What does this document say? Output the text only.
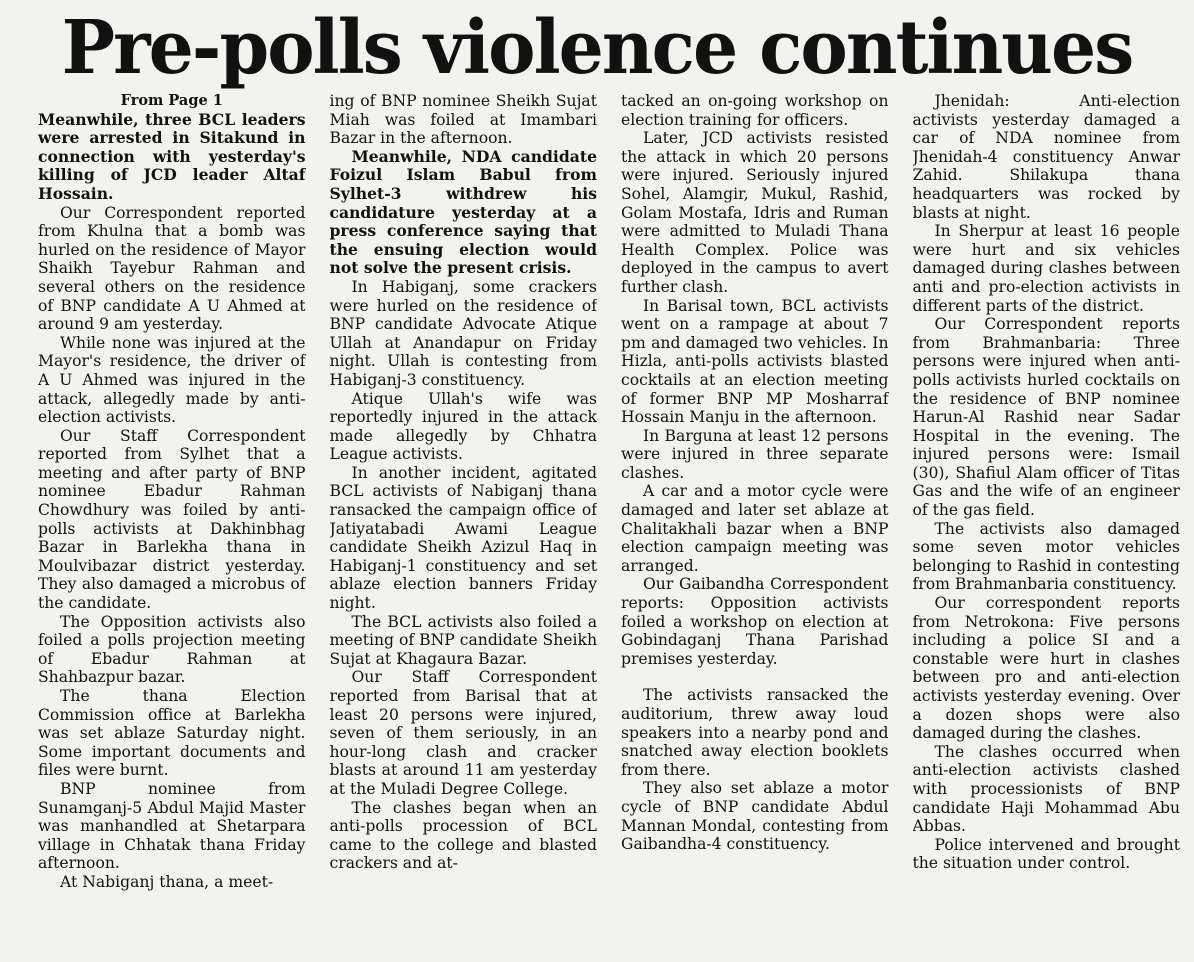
Pre-polls violence continues

From Page 1

Meanwhile, three BCL leaders were arrested in Sitakund in connection with yesterday's killing of JCD leader Altaf Hossain.

Our Correspondent reported from Khulna that a bomb was hurled on the residence of Mayor Shaikh Tayebur Rahman and several others on the residence of BNP candidate A U Ahmed at around 9 am yesterday.

While none was injured at the Mayor's residence, the driver of A U Ahmed was injured in the attack, allegedly made by anti-election activists.

Our Staff Correspondent reported from Sylhet that a meeting and after party of BNP nominee Ebadur Rahman Chowdhury was foiled by anti-polls activists at Dakhinbhag Bazar in Barlekha thana in Moulvibazar district yesterday. They also damaged a microbus of the candidate.

The Opposition activists also foiled a polls projection meeting of Ebadur Rahman at Shahbazpur bazar.

The thana Election Commission office at Barlekha was set ablaze Saturday night. Some important documents and files were burnt.

BNP nominee from Sunamganj-5 Abdul Majid Master was manhandled at Shetarpara village in Chhatak thana Friday afternoon.

At Nabiganj thana, a meet-

ing of BNP nominee Sheikh Sujat Miah was foiled at Imambari Bazar in the afternoon.

Meanwhile, NDA candidate Foizul Islam Babul from Sylhet-3 withdrew his candidature yesterday at a press conference saying that the ensuing election would not solve the present crisis.

In Habiganj, some crackers were hurled on the residence of BNP candidate Advocate Atique Ullah at Anandapur on Friday night. Ullah is contesting from Habiganj-3 constituency.

Atique Ullah's wife was reportedly injured in the attack made allegedly by Chhatra League activists.

In another incident, agitated BCL activists of Nabiganj thana ransacked the campaign office of Jatiyatabadi Awami League candidate Sheikh Azizul Haq in Habiganj-1 constituency and set ablaze election banners Friday night.

The BCL activists also foiled a meeting of BNP candidate Sheikh Sujat at Khagaura Bazar.

Our Staff Correspondent reported from Barisal that at least 20 persons were injured, seven of them seriously, in an hour-long clash and cracker blasts at around 11 am yesterday at the Muladi Degree College.

The clashes began when an anti-polls procession of BCL came to the college and blasted crackers and at-

tacked an on-going workshop on election training for officers.

Later, JCD activists resisted the attack in which 20 persons were injured. Seriously injured Sohel, Alamgir, Mukul, Rashid, Golam Mostafa, Idris and Ruman were admitted to Muladi Thana Health Complex. Police was deployed in the campus to avert further clash.

In Barisal town, BCL activists went on a rampage at about 7 pm and damaged two vehicles. In Hizla, anti-polls activists blasted cocktails at an election meeting of former BNP MP Mosharraf Hossain Manju in the afternoon.

In Barguna at least 12 persons were injured in three separate clashes.

A car and a motor cycle were damaged and later set ablaze at Chalitakhali bazar when a BNP election campaign meeting was arranged.

Our Gaibandha Correspondent reports: Opposition activists foiled a workshop on election at Gobindaganj Thana Parishad premises yesterday.

The activists ransacked the auditorium, threw away loud speakers into a nearby pond and snatched away election booklets from there.

They also set ablaze a motor cycle of BNP candidate Abdul Mannan Mondal, contesting from Gaibandha-4 constituency.

Jhenidah: Anti-election activists yesterday damaged a car of NDA nominee from Jhenidah-4 constituency Anwar Zahid. Shilakupa thana headquarters was rocked by blasts at night.

In Sherpur at least 16 people were hurt and six vehicles damaged during clashes between anti and pro-election activists in different parts of the district.

Our Correspondent reports from Brahmanbaria: Three persons were injured when anti-polls activists hurled cocktails on the residence of BNP nominee Harun-Al Rashid near Sadar Hospital in the evening. The injured persons were: Ismail (30), Shafiul Alam officer of Titas Gas and the wife of an engineer of the gas field.

The activists also damaged some seven motor vehicles belonging to Rashid in contesting from Brahmanbaria constituency.

Our correspondent reports from Netrokona: Five persons including a police SI and a constable were hurt in clashes between pro and anti-election activists yesterday evening. Over a dozen shops were also damaged during the clashes.

The clashes occurred when anti-election activists clashed with processionists of BNP candidate Haji Mohammad Abu Abbas.

Police intervened and brought the situation under control.
